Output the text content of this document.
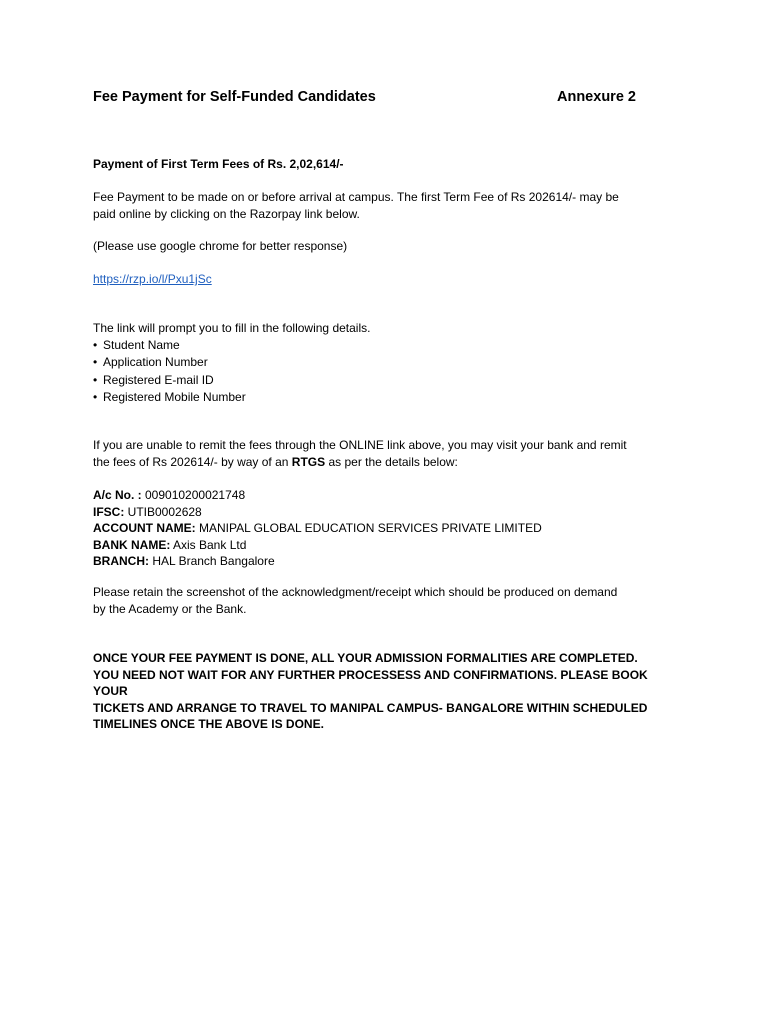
Fee Payment for Self-Funded Candidates	Annexure 2
Payment of First Term Fees of Rs. 2,02,614/-
Fee Payment to be made on or before arrival at campus. The first Term Fee of Rs 202614/- may be
paid online by clicking on the Razorpay link below.
(Please use google chrome for better response)
https://rzp.io/l/Pxu1jSc
The link will prompt you to fill in the following details.
• Student Name
• Application Number
• Registered E-mail ID
• Registered Mobile Number
If you are unable to remit the fees through the ONLINE link above, you may visit your bank and remit
the fees of Rs 202614/- by way of an RTGS as per the details below:
A/c No. : 009010200021748
IFSC: UTIB0002628
ACCOUNT NAME: MANIPAL GLOBAL EDUCATION SERVICES PRIVATE LIMITED
BANK NAME: Axis Bank Ltd
BRANCH: HAL Branch Bangalore
Please retain the screenshot of the acknowledgment/receipt which should be produced on demand
by the Academy or the Bank.
ONCE YOUR FEE PAYMENT IS DONE, ALL YOUR ADMISSION FORMALITIES ARE COMPLETED.
YOU NEED NOT WAIT FOR ANY FURTHER PROCESSESS AND CONFIRMATIONS. PLEASE BOOK YOUR
TICKETS AND ARRANGE TO TRAVEL TO MANIPAL CAMPUS- BANGALORE WITHIN SCHEDULED
TIMELINES ONCE THE ABOVE IS DONE.
